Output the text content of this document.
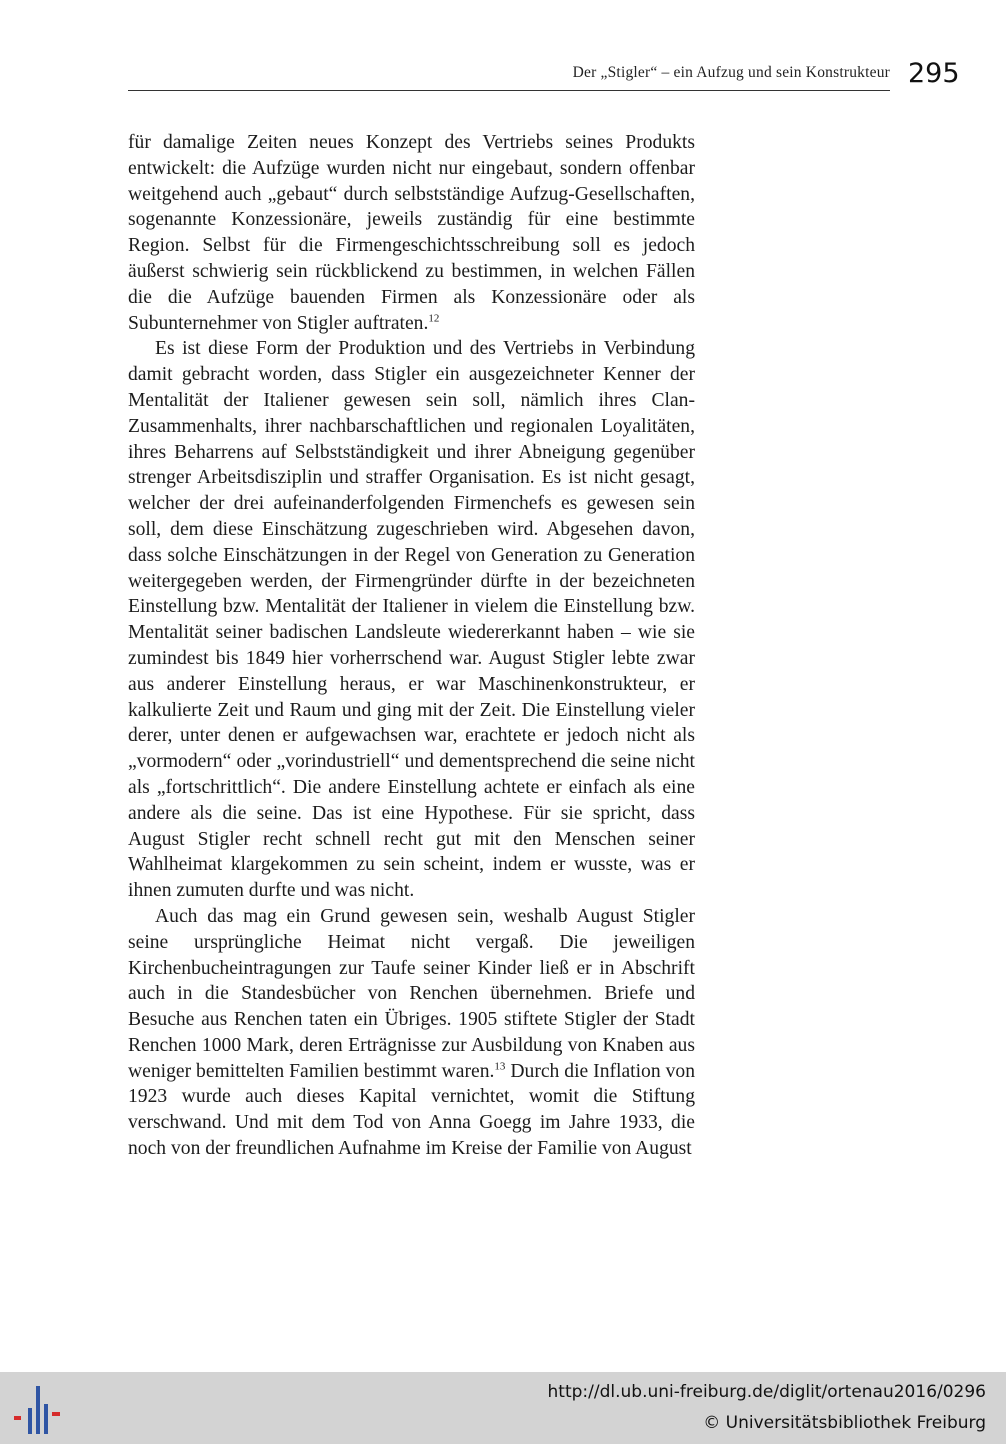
Der „Stigler“ – ein Aufzug und sein Konstrukteur 295

für damalige Zeiten neues Konzept des Vertriebs seines Produkts entwickelt: die Aufzüge wurden nicht nur eingebaut, sondern offenbar weitgehend auch „gebaut“ durch selbstständige Aufzug-Gesellschaften, sogenannte Konzessionäre, jeweils zuständig für eine bestimmte Region. Selbst für die Firmengeschichtsschreibung soll es jedoch äußerst schwierig sein rückblickend zu bestimmen, in welchen Fällen die die Aufzüge bauenden Firmen als Konzessionäre oder als Subunternehmer von Stigler auftraten.$^{12}$

Es ist diese Form der Produktion und des Vertriebs in Verbindung damit gebracht worden, dass Stigler ein ausgezeichneter Kenner der Mentalität der Italiener gewesen sein soll, nämlich ihres Clan-Zusammenhalts, ihrer nachbarschaftlichen und regionalen Loyalitäten, ihres Beharrens auf Selbstständigkeit und ihrer Abneigung gegenüber strenger Arbeitsdisziplin und straffer Organisation. Es ist nicht gesagt, welcher der drei aufeinanderfolgenden Firmenchefs es gewesen sein soll, dem diese Einschätzung zugeschrieben wird. Abgesehen davon, dass solche Einschätzungen in der Regel von Generation zu Generation weitergegeben werden, der Firmengründer dürfte in der bezeichneten Einstellung bzw. Mentalität der Italiener in vielem die Einstellung bzw. Mentalität seiner badischen Landsleute wiedererkannt haben – wie sie zumindest bis 1849 hier vorherrschend war. August Stigler lebte zwar aus anderer Einstellung heraus, er war Maschinenkonstrukteur, er kalkulierte Zeit und Raum und ging mit der Zeit. Die Einstellung vieler derer, unter denen er aufgewachsen war, erachtete er jedoch nicht als „vormodern“ oder „vorindustriell“ und dementsprechend die seine nicht als „fortschrittlich“. Die andere Einstellung achtete er einfach als eine andere als die seine. Das ist eine Hypothese. Für sie spricht, dass August Stigler recht schnell recht gut mit den Menschen seiner Wahlheimat klargekommen zu sein scheint, indem er wusste, was er ihnen zumuten durfte und was nicht.

Auch das mag ein Grund gewesen sein, weshalb August Stigler seine ursprüngliche Heimat nicht vergaß. Die jeweiligen Kirchenbucheintragungen zur Taufe seiner Kinder ließ er in Abschrift auch in die Standesbücher von Renchen übernehmen. Briefe und Besuche aus Renchen taten ein Übriges. 1905 stiftete Stigler der Stadt Renchen 1000 Mark, deren Erträgnisse zur Ausbildung von Knaben aus weniger bemittelten Familien bestimmt waren.$^{13}$ Durch die Inflation von 1923 wurde auch dieses Kapital vernichtet, womit die Stiftung verschwand. Und mit dem Tod von Anna Goegg im Jahre 1933, die noch von der freundlichen Aufnahme im Kreise der Familie von August

http://dl.ub.uni-freiburg.de/diglit/ortenau2016/0296
© Universitätsbibliothek Freiburg
